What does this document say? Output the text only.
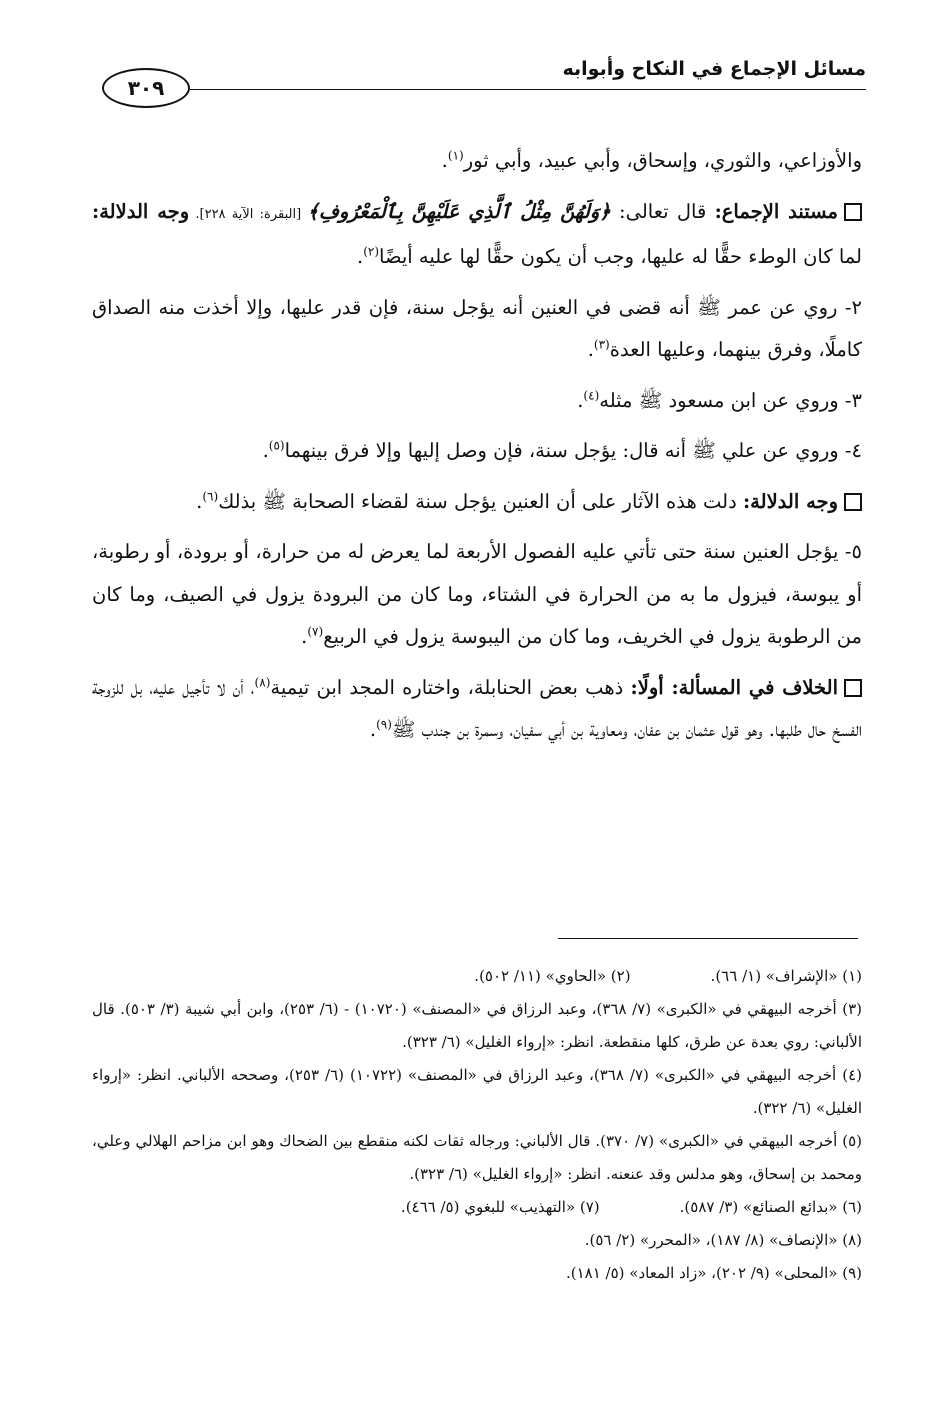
مسائل الإجماع في النكاح وأبوابه
٣٠٩

والأوزاعي، والثوري، وإسحاق، وأبي عبيد، وأبي ثور$^{(١)}$.

مستند الإجماع: قال تعالى: ﴿وَلَهُنَّ مِثْلُ ٱلَّذِي عَلَيْهِنَّ بِٱلْمَعْرُوفِ﴾ [البقرة: الآية ٢٢٨]. وجه الدلالة: لما كان الوطء حقًّا له عليها، وجب أن يكون حقًّا لها عليه أيضًا$^{(٢)}$.

٢- روي عن عمر ﷺ أنه قضى في العنين أنه يؤجل سنة، فإن قدر عليها، وإلا أخذت منه الصداق كاملًا، وفرق بينهما، وعليها العدة$^{(٣)}$.

٣- وروي عن ابن مسعود ﷺ مثله$^{(٤)}$.

٤- وروي عن علي ﷺ أنه قال: يؤجل سنة، فإن وصل إليها وإلا فرق بينهما$^{(٥)}$.

وجه الدلالة: دلت هذه الآثار على أن العنين يؤجل سنة لقضاء الصحابة ﷺ بذلك$^{(٦)}$.

٥- يؤجل العنين سنة حتى تأتي عليه الفصول الأربعة لما يعرض له من حرارة، أو برودة، أو رطوبة، أو يبوسة، فيزول ما به من الحرارة في الشتاء، وما كان من البرودة يزول في الصيف، وما كان من الرطوبة يزول في الخريف، وما كان من اليبوسة يزول في الربيع$^{(٧)}$.

الخلاف في المسألة: أولًا: ذهب بعض الحنابلة، واختاره المجد ابن تيمية$^{(٨)}$، أن لا تأجيل عليه، بل للزوجة الفسخ حال طلبها. وهو قول عثمان بن عفان، ومعاوية بن أبي سفيان، وسمرة بن جندب ﷺ$^{(٩)}$.

(١) «الإشراف» (١/ ٦٦).

(٢) «الحاوي» (١١/ ٥٠٢).

(٣) أخرجه البيهقي في «الكبرى» (٧/ ٣٦٨)، وعبد الرزاق في «المصنف» (١٠٧٢٠) - (٦/ ٢٥٣)، وابن أبي شيبة (٣/ ٥٠٣). قال الألباني: روي بعدة عن طرق، كلها منقطعة. انظر: «إرواء الغليل» (٦/ ٣٢٣).

(٤) أخرجه البيهقي في «الكبرى» (٧/ ٣٦٨)، وعبد الرزاق في «المصنف» (١٠٧٢٢) (٦/ ٢٥٣)، وصححه الألباني. انظر: «إرواء الغليل» (٦/ ٣٢٢).

(٥) أخرجه البيهقي في «الكبرى» (٧/ ٣٧٠). قال الألباني: ورجاله ثقات لكنه منقطع بين الضحاك وهو ابن مزاحم الهلالي وعلي، ومحمد بن إسحاق، وهو مدلس وقد عنعنه. انظر: «إرواء الغليل» (٦/ ٣٢٣).

(٦) «بدائع الصنائع» (٣/ ٥٨٧).

(٧) «التهذيب» للبغوي (٥/ ٤٦٦).

(٨) «الإنصاف» (٨/ ١٨٧)، «المحرر» (٢/ ٥٦).

(٩) «المحلى» (٩/ ٢٠٢)، «زاد المعاد» (٥/ ١٨١).
